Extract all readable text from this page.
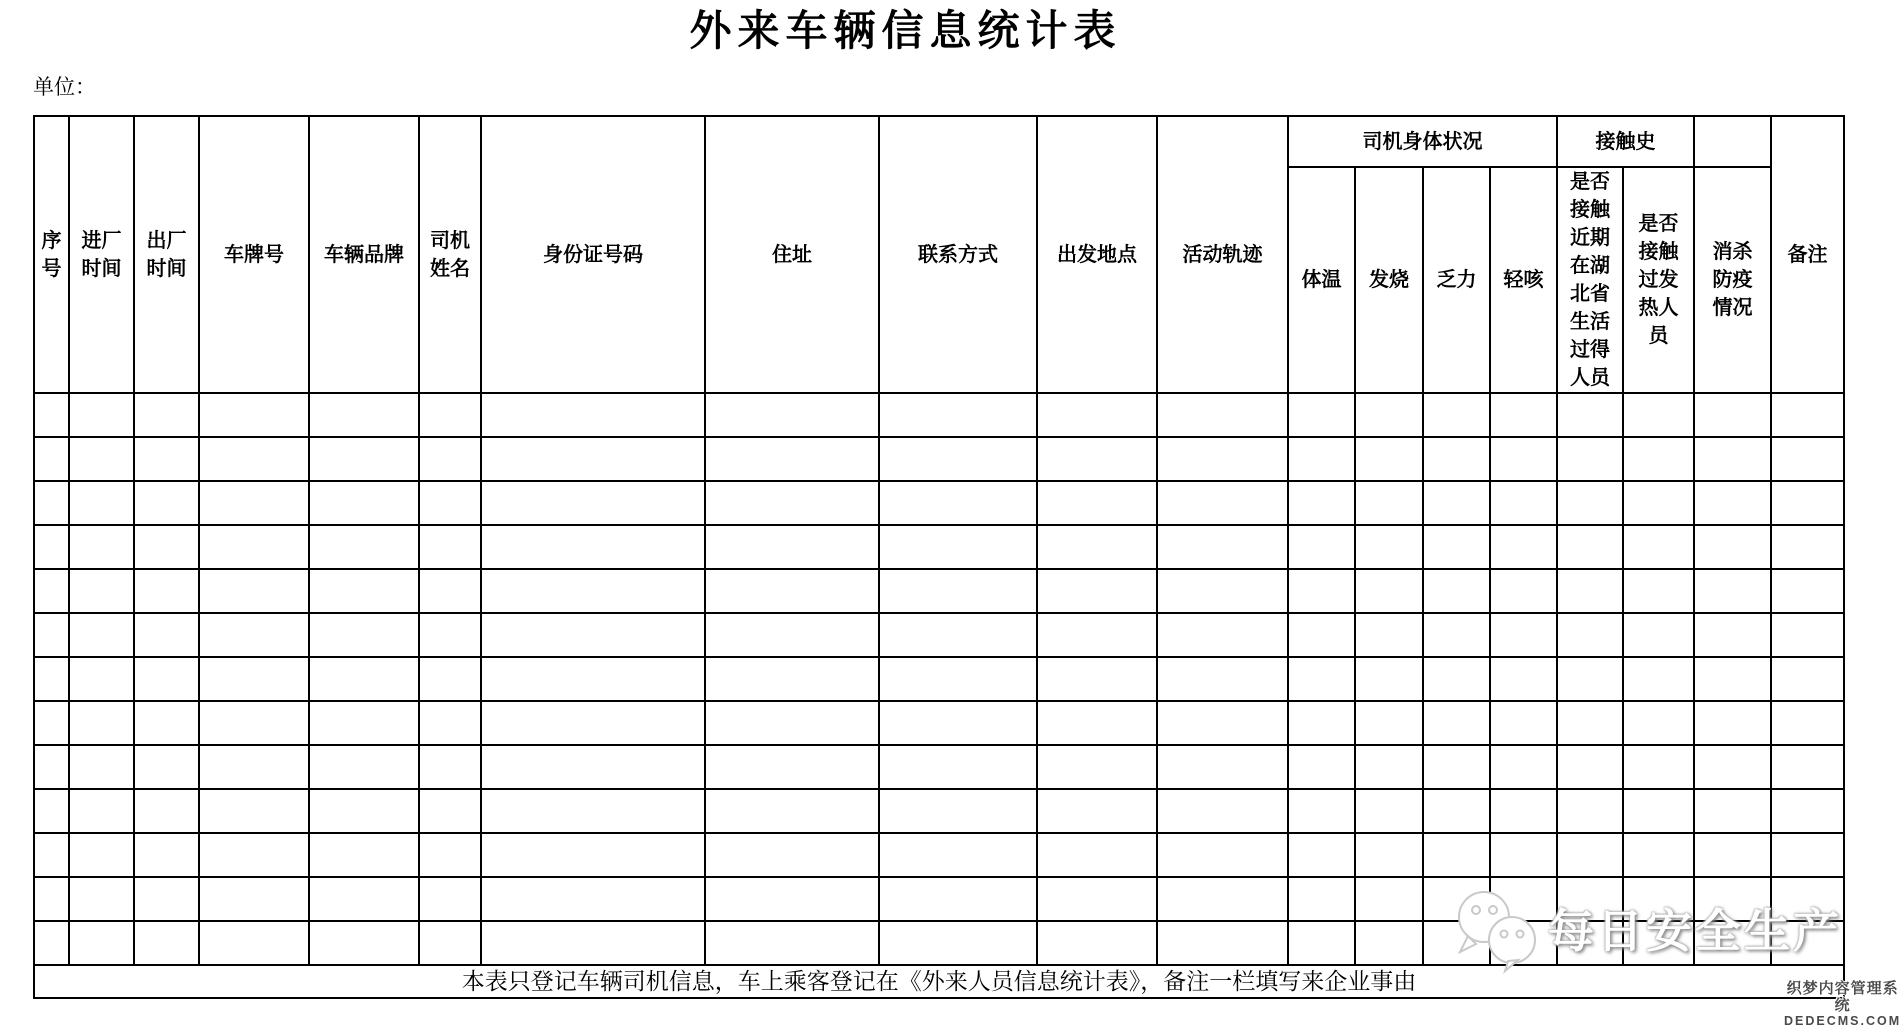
外来车辆信息统计表
单位：
序号	进厂时间	出厂时间	车牌号	车辆品牌	司机姓名	身份证号码	住址	联系方式	出发地点	活动轨迹	司机身体状况				接触史			备注
											体温	发烧	乏力	轻咳	是否接触近期在湖北省生活过得人员	是否接触过发热人员	消杀防疫情况	

本表只登记车辆司机信息，车上乘客登记在《外来人员信息统计表》，备注一栏填写来企业事由																		
每日安全生产
织梦内容管理系统
DEDECMS.COM
